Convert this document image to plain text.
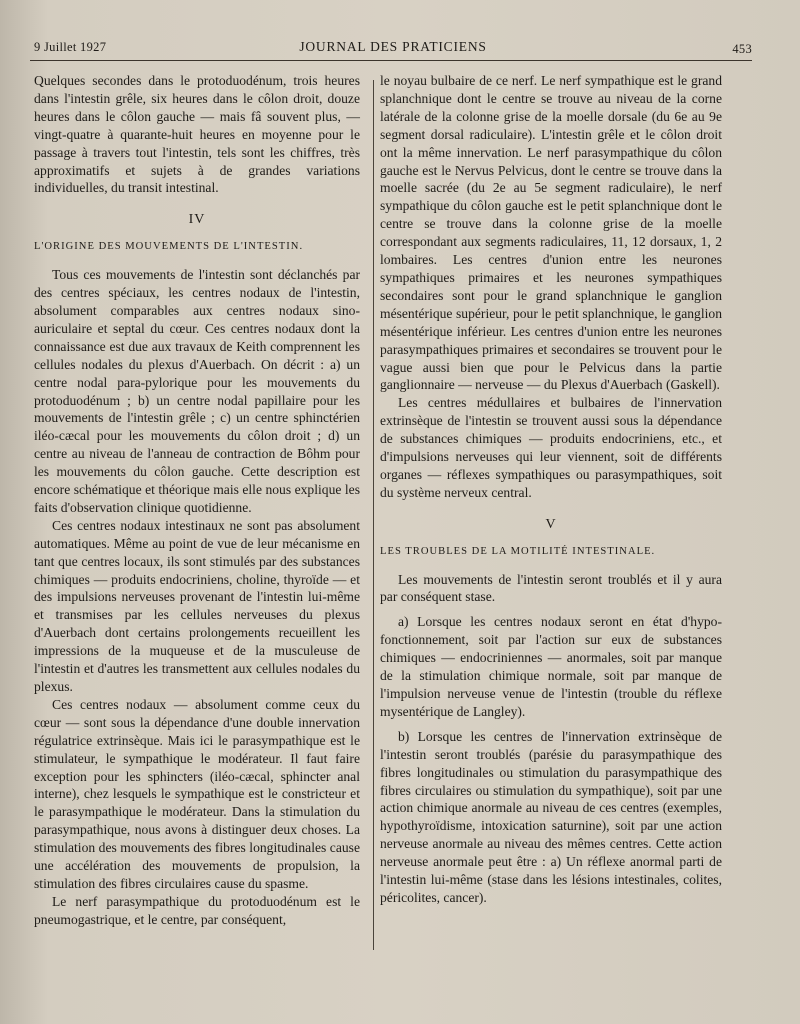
9 Juillet 1927	JOURNAL DES PRATICIENS	453

Quelques secondes dans le protoduodénum, trois heures dans l'intestin grêle, six heures dans le côlon droit, douze heures dans le côlon gauche — mais fâ souvent plus, — vingt-quatre à quarante-huit heures en moyenne pour le passage à travers tout l'intestin, tels sont les chiffres, très approximatifs et sujets à de grandes variations individuelles, du transit intestinal.

IV
L'ORIGINE DES MOUVEMENTS DE L'INTESTIN.

Tous ces mouvements de l'intestin sont déclanchés par des centres spéciaux, les centres nodaux de l'intestin, absolument comparables aux centres nodaux sino-auriculaire et septal du cœur. Ces centres nodaux dont la connaissance est due aux travaux de Keith comprennent les cellules nodales du plexus d'Auerbach. On décrit : a) un centre nodal para-pylorique pour les mouvements du protoduodénum ; b) un centre nodal papillaire pour les mouvements de l'intestin grêle ; c) un centre sphinctérien iléo-cæcal pour les mouvements du côlon droit ; d) un centre au niveau de l'anneau de contraction de Bôhm pour les mouvements du côlon gauche. Cette description est encore schématique et théorique mais elle nous explique les faits d'observation clinique quotidienne.

Ces centres nodaux intestinaux ne sont pas absolument automatiques. Même au point de vue de leur mécanisme en tant que centres locaux, ils sont stimulés par des substances chimiques — produits endocriniens, choline, thyroïde — et des impulsions nerveuses provenant de l'intestin lui-même et transmises par les cellules nerveuses du plexus d'Auerbach dont certains prolongements recueillent les impressions de la muqueuse et de la musculeuse de l'intestin et d'autres les transmettent aux cellules nodales du plexus.

Ces centres nodaux — absolument comme ceux du cœur — sont sous la dépendance d'une double innervation régulatrice extrinsèque. Mais ici le parasympathique est le stimulateur, le sympathique le modérateur. Il faut faire exception pour les sphincters (iléo-cæcal, sphincter anal interne), chez lesquels le sympathique est le constricteur et le parasympathique le modérateur. Dans la stimulation du parasympathique, nous avons à distinguer deux choses. La stimulation des mouvements des fibres longitudinales cause une accélération des mouvements de propulsion, la stimulation des fibres circulaires cause du spasme.

Le nerf parasympathique du protoduodénum est le pneumogastrique, et le centre, par conséquent,

le noyau bulbaire de ce nerf. Le nerf sympathique est le grand splanchnique dont le centre se trouve au niveau de la corne latérale de la colonne grise de la moelle dorsale (du 6e au 9e segment dorsal radiculaire). L'intestin grêle et le côlon droit ont la même innervation. Le nerf parasympathique du côlon gauche est le Nervus Pelvicus, dont le centre se trouve dans la moelle sacrée (du 2e au 5e segment radiculaire), le nerf sympathique du côlon gauche est le petit splanchnique dont le centre se trouve dans la colonne grise de la moelle correspondant aux segments radiculaires, 11, 12 dorsaux, 1, 2 lombaires. Les centres d'union entre les neurones sympathiques primaires et les neurones sympathiques secondaires sont pour le grand splanchnique le ganglion mésentérique supérieur, pour le petit splanchnique, le ganglion mésentérique inférieur. Les centres d'union entre les neurones parasympathiques primaires et secondaires se trouvent pour le vague aussi bien que pour le Pelvicus dans la partie ganglionnaire — nerveuse — du Plexus d'Auerbach (Gaskell).

Les centres médullaires et bulbaires de l'innervation extrinsèque de l'intestin se trouvent aussi sous la dépendance de substances chimiques — produits endocriniens, etc., et d'impulsions nerveuses qui leur viennent, soit de différents organes — réflexes sympathiques ou parasympathiques, soit du système nerveux central.

V
LES TROUBLES DE LA MOTILITÉ INTESTINALE.

Les mouvements de l'intestin seront troublés et il y aura par conséquent stase.

a) Lorsque les centres nodaux seront en état d'hypo-fonctionnement, soit par l'action sur eux de substances chimiques — endocriniennes — anormales, soit par manque de la stimulation chimique normale, soit par manque de l'impulsion nerveuse venue de l'intestin (trouble du réflexe mysentérique de Langley).

b) Lorsque les centres de l'innervation extrinsèque de l'intestin seront troublés (parésie du parasympathique des fibres longitudinales ou stimulation du parasympathique des fibres circulaires ou stimulation du sympathique), soit par une action chimique anormale au niveau de ces centres (exemples, hypothyroïdisme, intoxication saturnine), soit par une action nerveuse anormale au niveau des mêmes centres. Cette action nerveuse anormale peut être : a) Un réflexe anormal parti de l'intestin lui-même (stase dans les lésions intestinales, colites, péricolites, cancer).
